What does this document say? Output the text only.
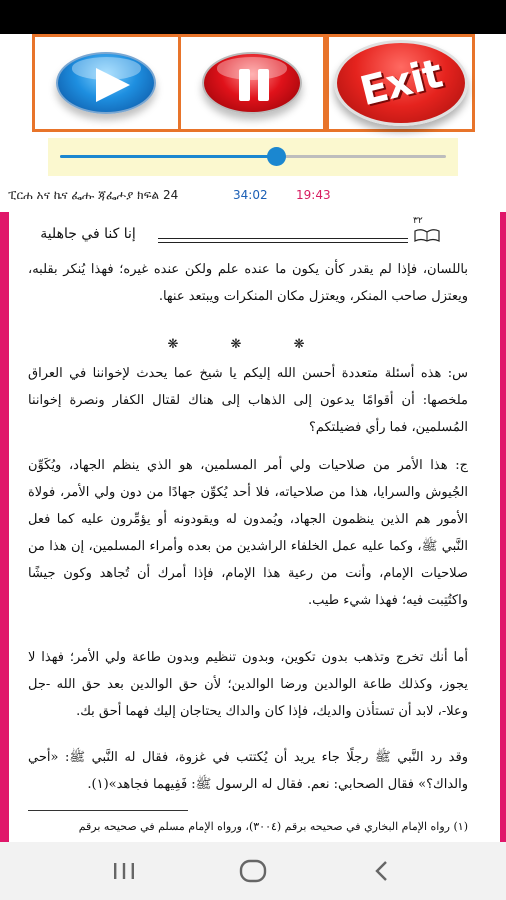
Exit
ፒርሐ አና ኬና ፌሑ ጃፌሖያ ክፍል 24	34:02 19:43
٣٢
إنا كنا في جاهلية
باللسان، فإذا لم يقدر كأن يكون ما عنده علم ولكن عنده غيره؛ فهذا يُنكر بقلبه، ويعتزل صاحب المنكر، ويعتزل مكان المنكرات ويبتعد عنها.
❋ ❋ ❋
س: هذه أسئلة متعددة أحسن الله إليكم يا شيخ عما يحدث لإخواننا في العراق ملخصها: أن أقوامًا يدعون إلى الذهاب إلى هناك لقتال الكفار ونصرة إخواننا المُسلمين، فما رأي فضيلتكم؟
ج: هذا الأمر من صلاحيات ولي أمر المسلمين، هو الذي ينظم الجهاد، ويُكَوِّن الجُيوش والسرايا، هذا من صلاحياته، فلا أحد يُكوِّن جهادًا من دون ولي الأمر، فولاة الأمور هم الذين ينظمون الجهاد، ويُمدون له ويقودونه أو يؤمِّرون عليه كما فعل النَّبي ﷺ، وكما عليه عمل الخلفاء الراشدين من بعده وأمراء المسلمين، إن هذا من صلاحيات الإمام، وأنت من رعية هذا الإمام، فإذا أمرك أن تُجاهد وكون جيشًا واكتُتِبت فيه؛ فهذا شيء طيب.
أما أنك تخرج وتذهب بدون تكوين، وبدون تنظيم وبدون طاعة ولي الأمر؛ فهذا لا يجوز، وكذلك طاعة الوالدين ورضا الوالدين؛ لأن حق الوالدين بعد حق الله -جل وعلا-، لابد أن تستأذن والديك، فإذا كان والداك يحتاجان إليك فهما أحق بك.
وقد رد النَّبي ﷺ رجلًا جاء يريد أن يُكتتب في غزوة، فقال له النَّبي ﷺ: «أحي والداك؟» فقال الصحابي: نعم. فقال له الرسول ﷺ: فَفِيهما فجاهد»(١).
(١) رواه الإمام البخاري في صحيحه برقم (٣٠٠٤)، ورواه الإمام مسلم في صحيحه برقم
